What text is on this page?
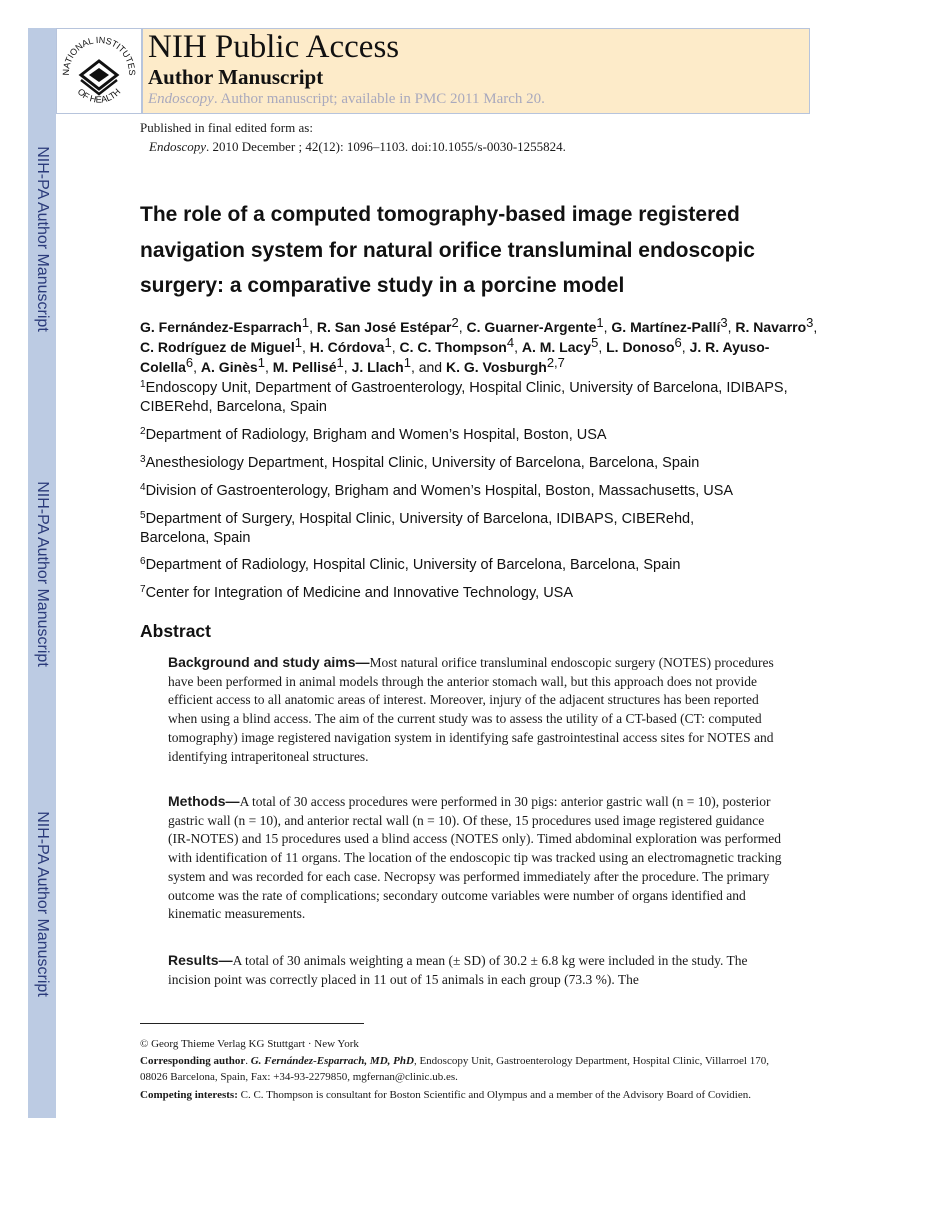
NIH-PA Author Manuscript
NIH-PA Author Manuscript
NIH-PA Author Manuscript
NATIONAL INSTITUTES
OF HEALTH
NIH Public Access
Author Manuscript
Endoscopy. Author manuscript; available in PMC 2011 March 20.
Published in final edited form as:
Endoscopy. 2010 December ; 42(12): 1096–1103. doi:10.1055/s-0030-1255824.
The role of a computed tomography-based image registered navigation system for natural orifice transluminal endoscopic surgery: a comparative study in a porcine model
G. Fernández-Esparrach$^1$, R. San José Estépar$^2$, C. Guarner-Argente$^1$, G. Martínez-Pallí$^3$, R. Navarro$^3$, C. Rodríguez de Miguel$^1$, H. Córdova$^1$, C. C. Thompson$^4$, A. M. Lacy$^5$, L. Donoso$^6$, J. R. Ayuso-Colella$^6$, A. Ginès$^1$, M. Pellisé$^1$, J. Llach$^1$, and K. G. Vosburgh$^{2,7}$
$^1$Endoscopy Unit, Department of Gastroenterology, Hospital Clinic, University of Barcelona, IDIBAPS, CIBERehd, Barcelona, Spain
$^2$Department of Radiology, Brigham and Women’s Hospital, Boston, USA
$^3$Anesthesiology Department, Hospital Clinic, University of Barcelona, Barcelona, Spain
$^4$Division of Gastroenterology, Brigham and Women’s Hospital, Boston, Massachusetts, USA
$^5$Department of Surgery, Hospital Clinic, University of Barcelona, IDIBAPS, CIBERehd, Barcelona, Spain
$^6$Department of Radiology, Hospital Clinic, University of Barcelona, Barcelona, Spain
$^7$Center for Integration of Medicine and Innovative Technology, USA
Abstract
Background and study aims—Most natural orifice transluminal endoscopic surgery (NOTES) procedures have been performed in animal models through the anterior stomach wall, but this approach does not provide efficient access to all anatomic areas of interest. Moreover, injury of the adjacent structures has been reported when using a blind access. The aim of the current study was to assess the utility of a CT-based (CT: computed tomography) image registered navigation system in identifying safe gastrointestinal access sites for NOTES and identifying intraperitoneal structures.
Methods—A total of 30 access procedures were performed in 30 pigs: anterior gastric wall (n = 10), posterior gastric wall (n = 10), and anterior rectal wall (n = 10). Of these, 15 procedures used image registered guidance (IR-NOTES) and 15 procedures used a blind access (NOTES only). Timed abdominal exploration was performed with identification of 11 organs. The location of the endoscopic tip was tracked using an electromagnetic tracking system and was recorded for each case. Necropsy was performed immediately after the procedure. The primary outcome was the rate of complications; secondary outcome variables were number of organs identified and kinematic measurements.
Results—A total of 30 animals weighting a mean (± SD) of 30.2 ± 6.8 kg were included in the study. The incision point was correctly placed in 11 out of 15 animals in each group (73.3 %). The
© Georg Thieme Verlag KG Stuttgart · New York
Corresponding author. G. Fernández-Esparrach, MD, PhD, Endoscopy Unit, Gastroenterology Department, Hospital Clinic, Villarroel 170, 08026 Barcelona, Spain, Fax: +34-93-2279850, mgfernan@clinic.ub.es.
Competing interests: C. C. Thompson is consultant for Boston Scientific and Olympus and a member of the Advisory Board of Covidien.
